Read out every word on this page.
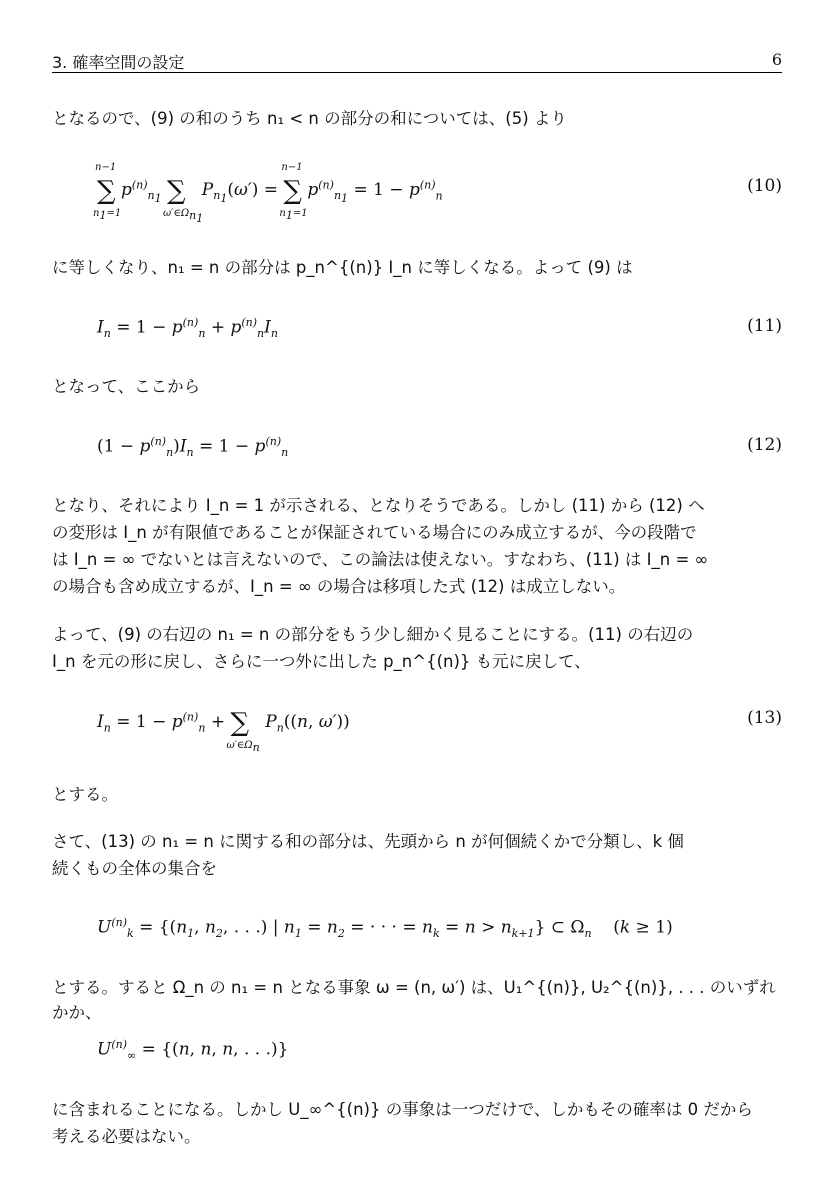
3. 確率空間の設定	6
となるので、(9) の和のうち n₁ < n の部分の和については、(5) より
∑
n−1
$n_1=1$
$p^{(n)}_{n_1}$ ∑
$\omega'\in\Omega_{n_1}$
$P_{n_1}(\omega')$ = ∑
n−1
$n_1=1$
$p^{(n)}_{n_1} = 1 - p^{(n)}_n$	(10)
に等しくなり、n₁ = n の部分は p_n^{(n)} I_n に等しくなる。よって (9) は
$I_n = 1 - p^{(n)}_n + p^{(n)}_nI_n$	(11)
となって、ここから
$(1 - p^{(n)}_n)I_n = 1 - p^{(n)}_n$	(12)
となり、それにより I_n = 1 が示される、となりそうである。しかし (11) から (12) へ
の変形は I_n が有限値であることが保証されている場合にのみ成立するが、今の段階で
は I_n = ∞ でないとは言えないので、この論法は使えない。すなわち、(11) は I_n = ∞
の場合も含め成立するが、I_n = ∞ の場合は移項した式 (12) は成立しない。
よって、(9) の右辺の n₁ = n の部分をもう少し細かく見ることにする。(11) の右辺の
I_n を元の形に戻し、さらに一つ外に出した p_n^{(n)} も元に戻して、
$I_n = 1 - p^{(n)}_n$ + ∑
$\omega'\in\Omega_n$
$P_n((n$, ω′))	(13)
とする。
さて、(13) の n₁ = n に関する和の部分は、先頭から n が何個続くかで分類し、k 個
続くもの全体の集合を
$U^{(n)}_k = \{(n_1$, $n_2$, . . .) | $n_1 = n_2$ = · · · = $n_k = n > n_{k+1}$} ⊂ $\Omega_n$ (k ≥ 1)
とする。すると Ω_n の n₁ = n となる事象 ω = (n, ω′) は、U₁^{(n)}, U₂^{(n)}, . . . のいずれかか、
$U^{(n)}_\infty = \{(n$, n, n, . . .)}
に含まれることになる。しかし U_∞^{(n)} の事象は一つだけで、しかもその確率は 0 だから
考える必要はない。
